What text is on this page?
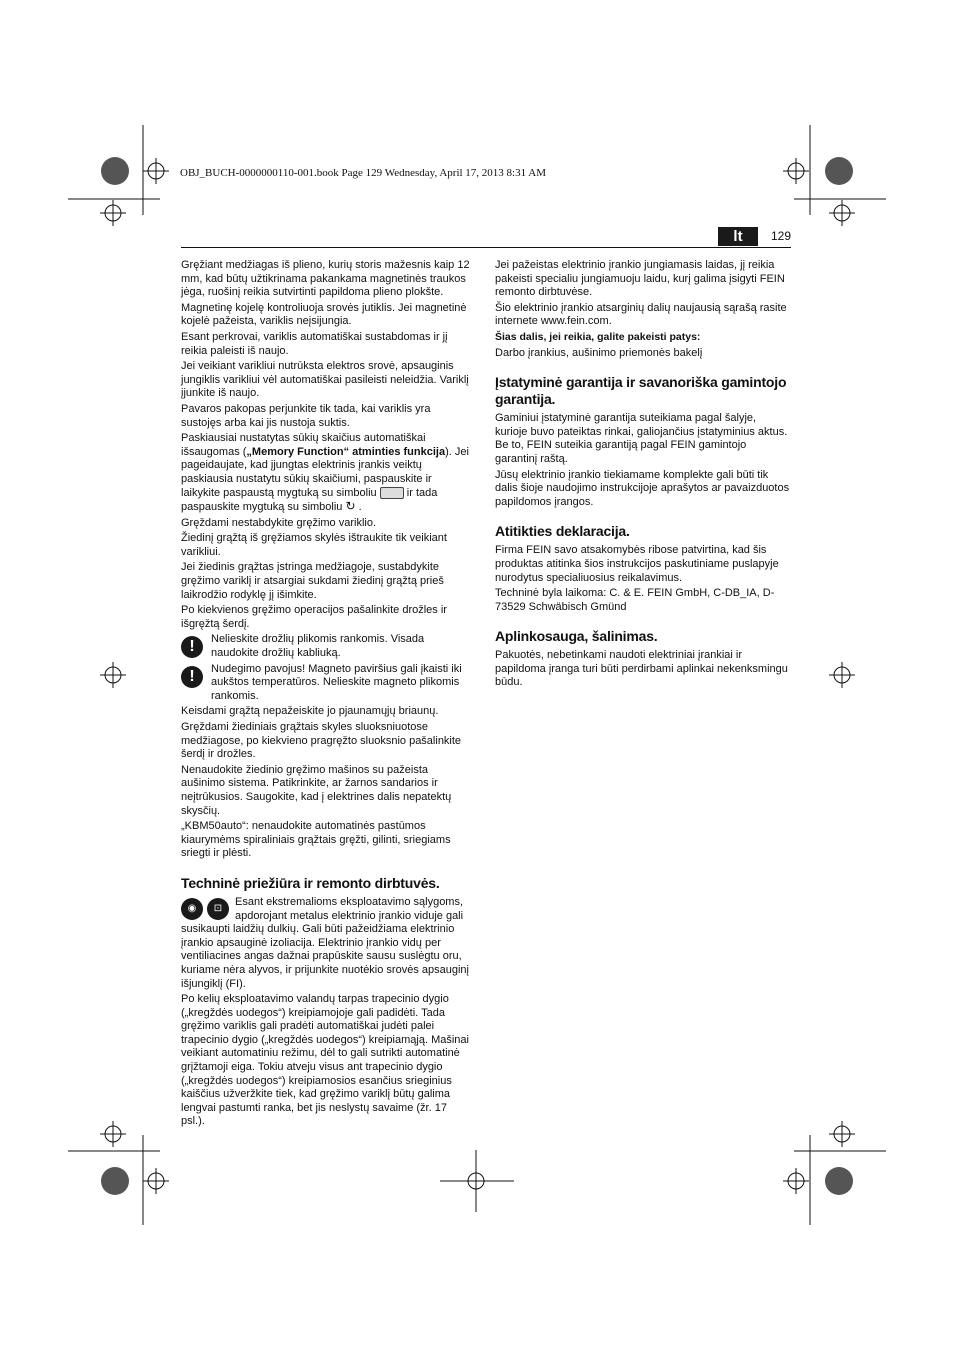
OBJ_BUCH-0000000110-001.book Page 129 Wednesday, April 17, 2013 8:31 AM
lt	129

Gręžiant medžiagas iš plieno, kurių storis mažesnis kaip 12 mm, kad būtų užtikrinama pakankama magnetinės traukos jėga, ruošinį reikia sutvirtinti papildoma plieno plokšte.

Magnetinę kojelę kontroliuoja srovės jutiklis. Jei magnetinė kojelė pažeista, variklis neįsijungia.

Esant perkrovai, variklis automatiškai sustabdomas ir jį reikia paleisti iš naujo.

Jei veikiant varikliui nutrūksta elektros srovė, apsauginis jungiklis varikliui vėl automatiškai pasileisti neleidžia. Variklį įjunkite iš naujo.

Pavaros pakopas perjunkite tik tada, kai variklis yra sustojęs arba kai jis nustoja suktis.

Paskiausiai nustatytas sūkių skaičius automatiškai išsaugomas („Memory Function“ atminties funkcija). Jei pageidaujate, kad įjungtas elektrinis įrankis veiktų paskiausia nustatytu sūkių skaičiumi, paspauskite ir laikykite paspaustą mygtuką su simboliu	ir tada paspauskite mygtuką su simboliu ↻ .

Gręždami nestabdykite gręžimo variklio.

Žiedinį grąžtą iš gręžiamos skylės ištraukite tik veikiant varikliui.

Jei žiedinis grąžtas įstringa medžiagoje, sustabdykite gręžimo variklį ir atsargiai sukdami žiedinį grąžtą prieš laikrodžio rodyklę jį išimkite.

Po kiekvienos gręžimo operacijos pašalinkite drožles ir išgręžtą šerdį.

!	Nelieskite drožlių plikomis rankomis. Visada naudokite drožlių kabliuką.
!	Nudegimo pavojus! Magneto paviršius gali įkaisti iki aukštos temperatūros. Nelieskite magneto plikomis rankomis.

Keisdami grąžtą nepažeiskite jo pjaunamųjų briaunų.

Gręždami žiediniais grąžtais skyles sluoksniuotose medžiagose, po kiekvieno pragręžto sluoksnio pašalinkite šerdį ir drožles.

Nenaudokite žiedinio gręžimo mašinos su pažeista aušinimo sistema. Patikrinkite, ar žarnos sandarios ir neįtrūkusios. Saugokite, kad į elektrines dalis nepatektų skysčių.

„KBM50auto“: nenaudokite automatinės pastūmos kiaurymėms spiraliniais grąžtais gręžti, gilinti, sriegiams sriegti ir plėsti.

Techninė priežiūra ir remonto dirbtuvės.

◉	⊡
Esant ekstremalioms eksploatavimo sąlygoms, apdorojant metalus elektrinio įrankio viduje gali susikaupti laidžių dulkių. Gali būti pažeidžiama elektrinio įrankio apsauginė izoliacija. Elektrinio įrankio vidų per ventiliacines angas dažnai prapūskite sausu suslėgtu oru, kuriame nėra alyvos, ir prijunkite nuotėkio srovės apsauginį išjungiklį (FI).

Po kelių eksploatavimo valandų tarpas trapecinio dygio („kregždės uodegos“) kreipiamojoje gali padidėti. Tada gręžimo variklis gali pradėti automatiškai judėti palei trapecinio dygio („kregždės uodegos“) kreipiamąją. Mašinai veikiant automatiniu režimu, dėl to gali sutrikti automatinė grįžtamoji eiga. Tokiu atveju visus ant trapecinio dygio („kregždės uodegos“) kreipiamosios esančius srieginius kaiščius užveržkite tiek, kad gręžimo variklį būtų galima lengvai pastumti ranka, bet jis neslystų savaime (žr. 17 psl.).

Jei pažeistas elektrinio įrankio jungiamasis laidas, jį reikia pakeisti specialiu jungiamuoju laidu, kurį galima įsigyti FEIN remonto dirbtuvėse.

Šio elektrinio įrankio atsarginių dalių naujausią sąrašą rasite internete www.fein.com.

Šias dalis, jei reikia, galite pakeisti patys:

Darbo įrankius, aušinimo priemonės bakelį

Įstatyminė garantija ir savanoriška gamintojo garantija.

Gaminiui įstatyminė garantija suteikiama pagal šalyje, kurioje buvo pateiktas rinkai, galiojančius įstatyminius aktus. Be to, FEIN suteikia garantiją pagal FEIN gamintojo garantinį raštą.

Jūsų elektrinio įrankio tiekiamame komplekte gali būti tik dalis šioje naudojimo instrukcijoje aprašytos ar pavaizduotos papildomos įrangos.

Atitikties deklaracija.

Firma FEIN savo atsakomybės ribose patvirtina, kad šis produktas atitinka šios instrukcijos paskutiniame puslapyje nurodytus specialiuosius reikalavimus.

Techninė byla laikoma: C. & E. FEIN GmbH, C-DB_IA, D-73529 Schwäbisch Gmünd

Aplinkosauga, šalinimas.

Pakuotės, nebetinkami naudoti elektriniai įrankiai ir papildoma įranga turi būti perdirbami aplinkai nekenksmingu būdu.
